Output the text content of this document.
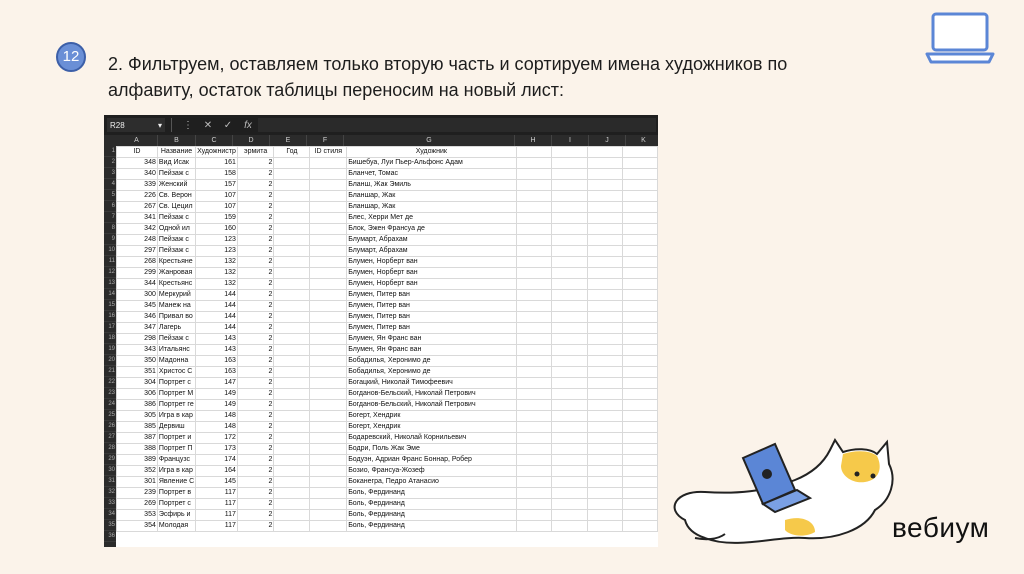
12	2. Фильтруем, оставляем только вторую часть и сортируем имена художников по алфавиту, остаток таблицы переносим на новый лист:
R28	▾	⋮	✕	✓	fx
A	B	C	D	E	F	G	H	I	J	K
1
2
3
4
5
6
7
8
9
10
11
12
13
14
15
16
17
18
19
20
21
22
23
24
25
26
27
28
29
30
31
32
33
34
35
36
ID	Название	Художнистр	эрмита	Год	ID стиля	Художник				
348	Вид Исак	161	2			Бишебуа, Луи Пьер-Альфонс Адам				
340	Пейзаж с	158	2			Бланчет, Томас				
339	Женский	157	2			Бланш, Жак Эмиль				
226	Св. Верон	107	2			Бланшар, Жак				
267	Св. Цецил	107	2			Бланшар, Жак				
341	Пейзаж с	159	2			Блес, Херри Мет де				
342	Одной ил	160	2			Блок, Эжен Франсуа де				
248	Пейзаж с	123	2			Блумарт, Абрахам				
297	Пейзаж с	123	2			Блумарт, Абрахам				
268	Крестьяне	132	2			Блумен, Норберт ван				
299	Жанровая	132	2			Блумен, Норберт ван				
344	Крестьянс	132	2			Блумен, Норберт ван				
300	Меркурий	144	2			Блумен, Питер ван				
345	Манеж на	144	2			Блумен, Питер ван				
346	Привал во	144	2			Блумен, Питер ван				
347	Лагерь	144	2			Блумен, Питер ван				
298	Пейзаж с	143	2			Блумен, Ян Франс ван				
343	Итальянс	143	2			Блумен, Ян Франс ван				
350	Мадонна	163	2			Бобадилья, Херонимо де				
351	Христос С	163	2			Бобадилья, Херонимо де				
304	Портрет с	147	2			Богацкий, Николай Тимофеевич				
306	Портрет М	149	2			Богданов-Бельский, Николай Петрович				
386	Портрет ге	149	2			Богданов-Бельский, Николай Петрович				
305	Игра в кар	148	2			Богерт, Хендрик				
385	Дервиш	148	2			Богерт, Хендрик				
387	Портрет и	172	2			Бодаревский, Николай Корнильевич				
388	Портрет П	173	2			Бодри, Поль Жак Эме				
389	Французс	174	2			Бодуэн, Адриан Франс Боннар, Робер				
352	Игра в кар	164	2			Бозио, Франсуа-Жозеф				
301	Явление С	145	2			Боканегра, Педро Атанасио				
239	Портрет в	117	2			Боль, Фердинанд				
269	Портрет с	117	2			Боль, Фердинанд				
353	Эсфирь и	117	2			Боль, Фердинанд				
354	Молодая	117	2			Боль, Фердинанд					вебиум
